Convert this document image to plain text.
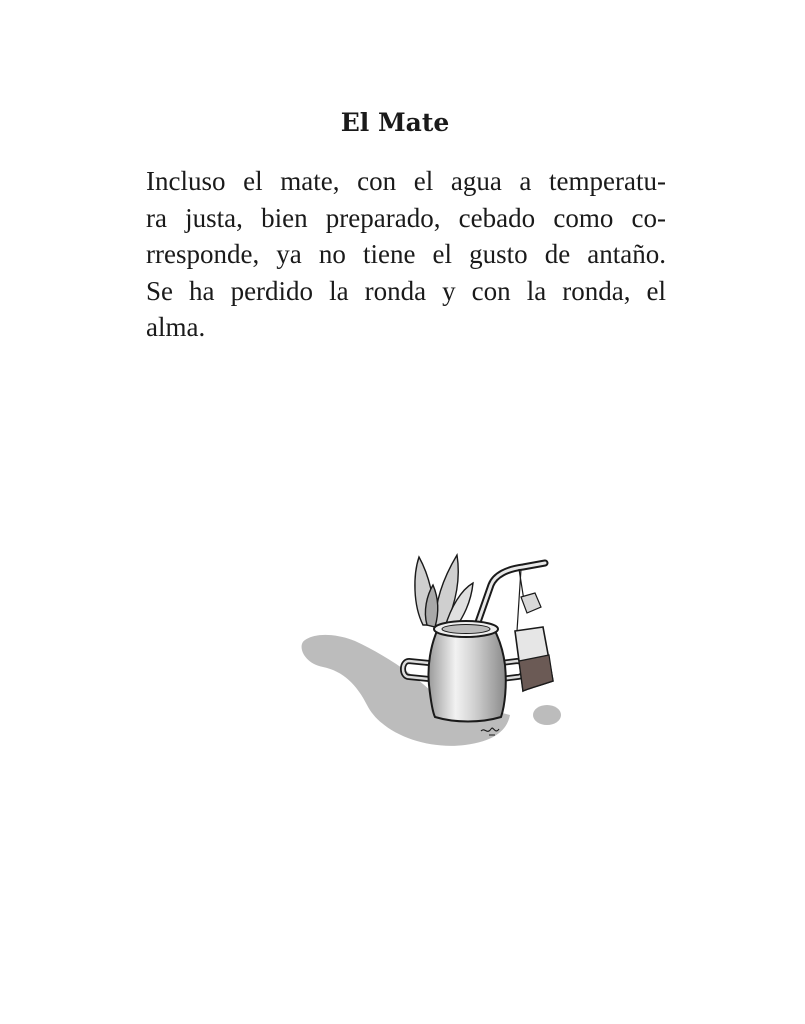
El Mate

Incluso el mate, con el agua a temperatu-
ra justa, bien preparado, cebado como co-
rresponde, ya no tiene el gusto de antaño.
Se ha perdido la ronda y con la ronda, el
alma.
